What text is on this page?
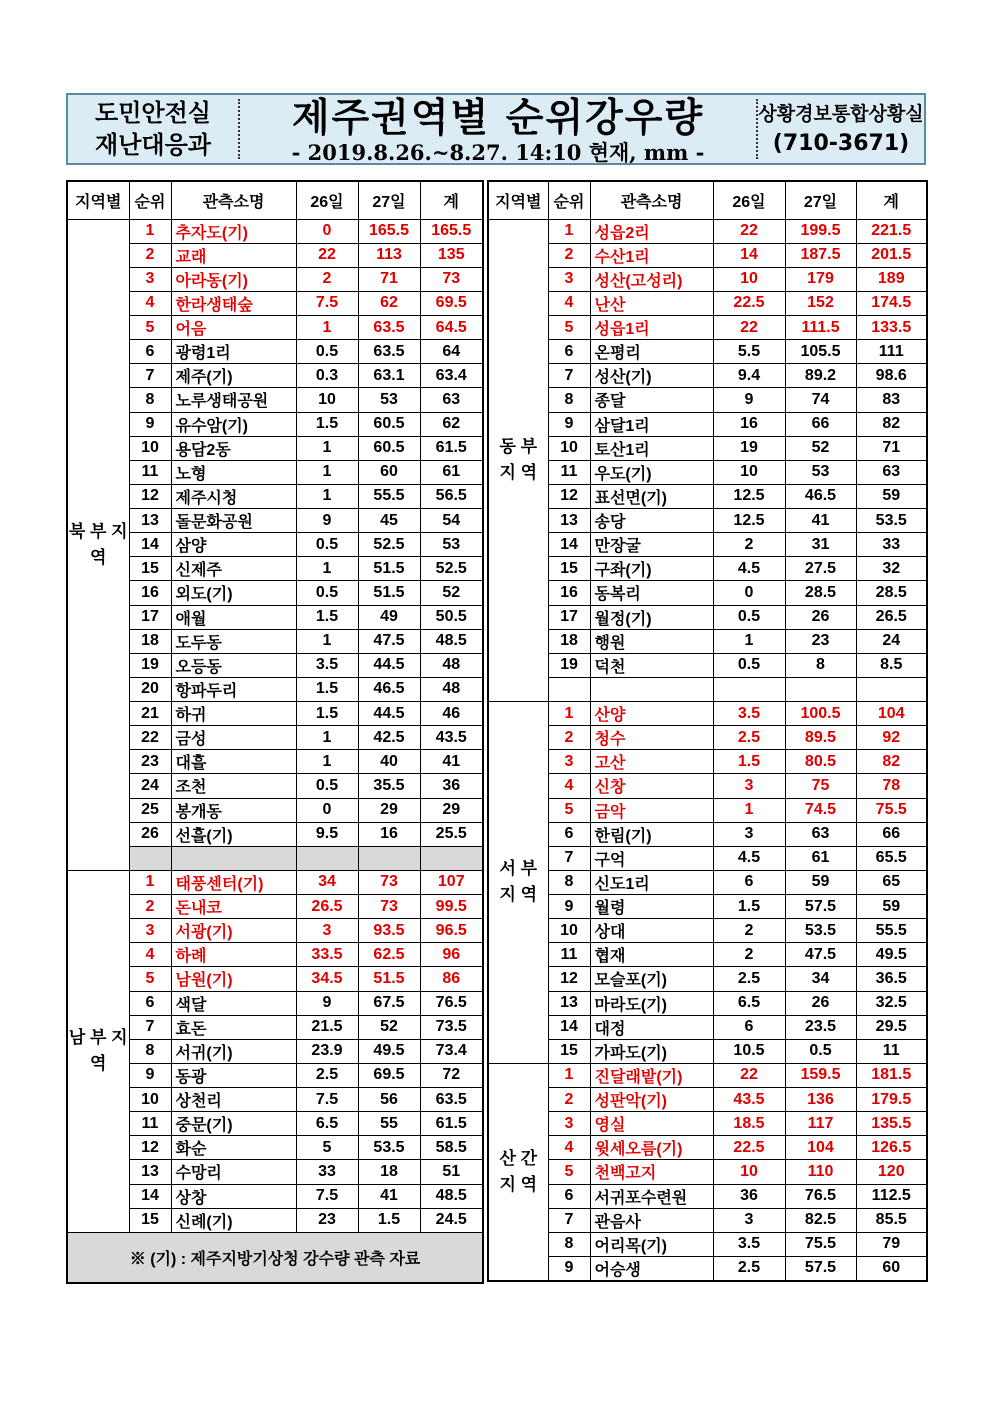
도민안전실
재난대응과
제주권역별 순위강우량
- 2019.8.26.~8.27. 14:10 현재, mm -
상황경보통합상황실
(710-3671)
지역별	순위	관측소명	26일	27일	계
북 부 지 역	1	추자도(기)	0	165.5	165.5
	2	교래	22	113	135
	3	아라동(기)	2	71	73
	4	한라생태숲	7.5	62	69.5
	5	어음	1	63.5	64.5
	6	광령1리	0.5	63.5	64
	7	제주(기)	0.3	63.1	63.4
	8	노루생태공원	10	53	63
	9	유수암(기)	1.5	60.5	62
	10	용담2동	1	60.5	61.5
	11	노형	1	60	61
	12	제주시청	1	55.5	56.5
	13	돌문화공원	9	45	54
	14	삼양	0.5	52.5	53
	15	신제주	1	51.5	52.5
	16	외도(기)	0.5	51.5	52
	17	애월	1.5	49	50.5
	18	도두동	1	47.5	48.5
	19	오등동	3.5	44.5	48
	20	항파두리	1.5	46.5	48
	21	하귀	1.5	44.5	46
	22	금성	1	42.5	43.5
	23	대흘	1	40	41
	24	조천	0.5	35.5	36
	25	봉개동	0	29	29
	26	선흘(기)	9.5	16	25.5

남 부 지 역	1	태풍센터(기)	34	73	107
	2	돈내코	26.5	73	99.5
	3	서광(기)	3	93.5	96.5
	4	하례	33.5	62.5	96
	5	남원(기)	34.5	51.5	86
	6	색달	9	67.5	76.5
	7	효돈	21.5	52	73.5
	8	서귀(기)	23.9	49.5	73.4
	9	동광	2.5	69.5	72
	10	상천리	7.5	56	63.5
	11	중문(기)	6.5	55	61.5
	12	화순	5	53.5	58.5
	13	수망리	33	18	51
	14	상창	7.5	41	48.5
	15	신례(기)	23	1.5	24.5
※ (기) : 제주지방기상청 강수량 관측 자료					
지역별	순위	관측소명	26일	27일	계
동 부 지 역	1	성읍2리	22	199.5	221.5
	2	수산1리	14	187.5	201.5
	3	성산(고성리)	10	179	189
	4	난산	22.5	152	174.5
	5	성읍1리	22	111.5	133.5
	6	온평리	5.5	105.5	111
	7	성산(기)	9.4	89.2	98.6
	8	종달	9	74	83
	9	삼달1리	16	66	82
	10	토산1리	19	52	71
	11	우도(기)	10	53	63
	12	표선면(기)	12.5	46.5	59
	13	송당	12.5	41	53.5
	14	만장굴	2	31	33
	15	구좌(기)	4.5	27.5	32
	16	동복리	0	28.5	28.5
	17	월정(기)	0.5	26	26.5
	18	행원	1	23	24
	19	덕천	0.5	8	8.5

서 부 지 역	1	산양	3.5	100.5	104
	2	청수	2.5	89.5	92
	3	고산	1.5	80.5	82
	4	신창	3	75	78
	5	금악	1	74.5	75.5
	6	한림(기)	3	63	66
	7	구억	4.5	61	65.5
	8	신도1리	6	59	65
	9	월령	1.5	57.5	59
	10	상대	2	53.5	55.5
	11	협재	2	47.5	49.5
	12	모슬포(기)	2.5	34	36.5
	13	마라도(기)	6.5	26	32.5
	14	대정	6	23.5	29.5
	15	가파도(기)	10.5	0.5	11
산 간 지 역	1	진달래밭(기)	22	159.5	181.5
	2	성판악(기)	43.5	136	179.5
	3	영실	18.5	117	135.5
	4	윗세오름(기)	22.5	104	126.5
	5	천백고지	10	110	120
	6	서귀포수련원	36	76.5	112.5
	7	관음사	3	82.5	85.5
	8	어리목(기)	3.5	75.5	79
	9	어승생	2.5	57.5	60
